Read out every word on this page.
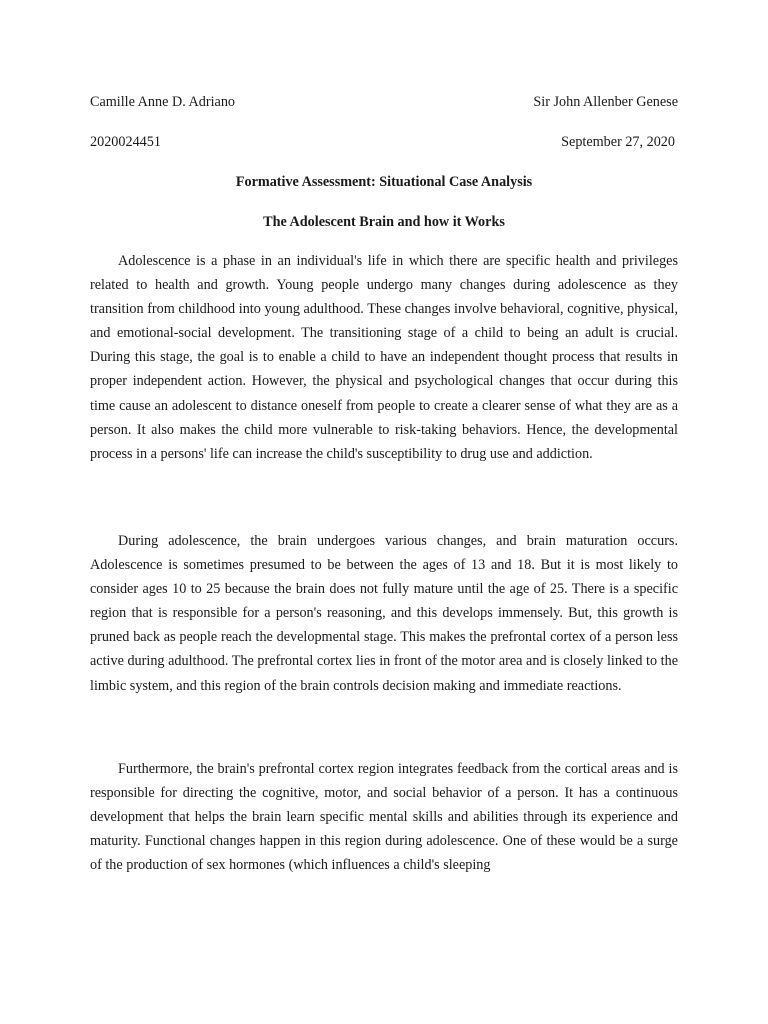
Camille Anne D. Adriano	Sir John Allenber Genese
2020024451	September 27, 2020
Formative Assessment: Situational Case Analysis
The Adolescent Brain and how it Works

Adolescence is a phase in an individual's life in which there are specific health and privileges related to health and growth. Young people undergo many changes during adolescence as they transition from childhood into young adulthood. These changes involve behavioral, cognitive, physical, and emotional-social development. The transitioning stage of a child to being an adult is crucial. During this stage, the goal is to enable a child to have an independent thought process that results in proper independent action. However, the physical and psychological changes that occur during this time cause an adolescent to distance oneself from people to create a clearer sense of what they are as a person. It also makes the child more vulnerable to risk-taking behaviors. Hence, the developmental process in a persons' life can increase the child's susceptibility to drug use and addiction.

During adolescence, the brain undergoes various changes, and brain maturation occurs. Adolescence is sometimes presumed to be between the ages of 13 and 18. But it is most likely to consider ages 10 to 25 because the brain does not fully mature until the age of 25. There is a specific region that is responsible for a person's reasoning, and this develops immensely. But, this growth is pruned back as people reach the developmental stage. This makes the prefrontal cortex of a person less active during adulthood. The prefrontal cortex lies in front of the motor area and is closely linked to the limbic system, and this region of the brain controls decision making and immediate reactions.

Furthermore, the brain's prefrontal cortex region integrates feedback from the cortical areas and is responsible for directing the cognitive, motor, and social behavior of a person. It has a continuous development that helps the brain learn specific mental skills and abilities through its experience and maturity. Functional changes happen in this region during adolescence. One of these would be a surge of the production of sex hormones (which influences a child's sleeping
